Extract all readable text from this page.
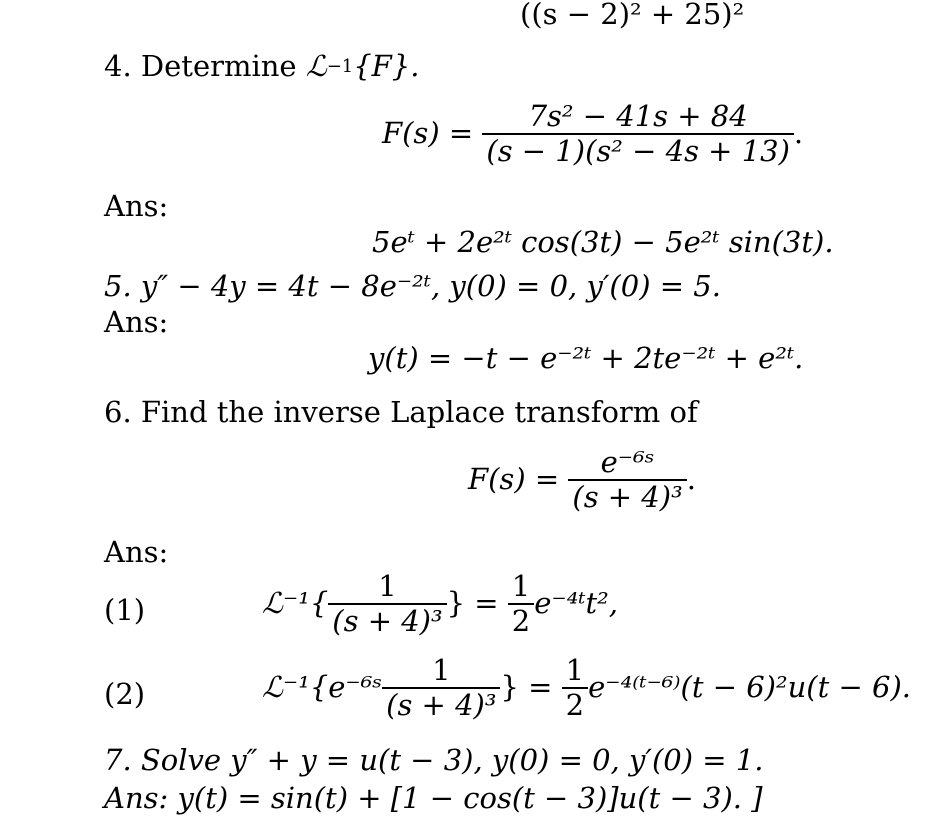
((s − 2)² + 25)²
4. Determine
ℒ −1 {F}.
F(s) =
$\frac{\text{7s² − 41s + 84}}{\text{(s − 1)(s² − 4s + 13)}}$ .
Ans:
5eᵗ + 2e²ᵗ cos(3t) − 5e²ᵗ sin(3t).
5. y″ − 4y = 4t − 8e⁻²ᵗ, y(0) = 0, y′(0) = 5.
Ans:
y(t) = −t − e⁻²ᵗ + 2te⁻²ᵗ + e²ᵗ.
6. Find the inverse Laplace transform of
F(s) =
$\frac{\text{e⁻⁶ˢ}}{\text{(s + 4)³}}$ .
Ans:
(1)	ℒ⁻¹{ $\frac{1}{\text{(s + 4)³}}$ } =
$\frac{1}{2}$ e⁻⁴ᵗt²,
(2)	ℒ⁻¹{e⁻⁶ˢ $\frac{1}{\text{(s + 4)³}}$ } =
$\frac{1}{2}$ e⁻⁴⁽ᵗ⁻⁶⁾(t − 6)²u(t − 6).
7. Solve y″ + y = u(t − 3), y(0) = 0, y′(0) = 1.
Ans: y(t) = sin(t) + [1 − cos(t − 3)]u(t − 3). ]
